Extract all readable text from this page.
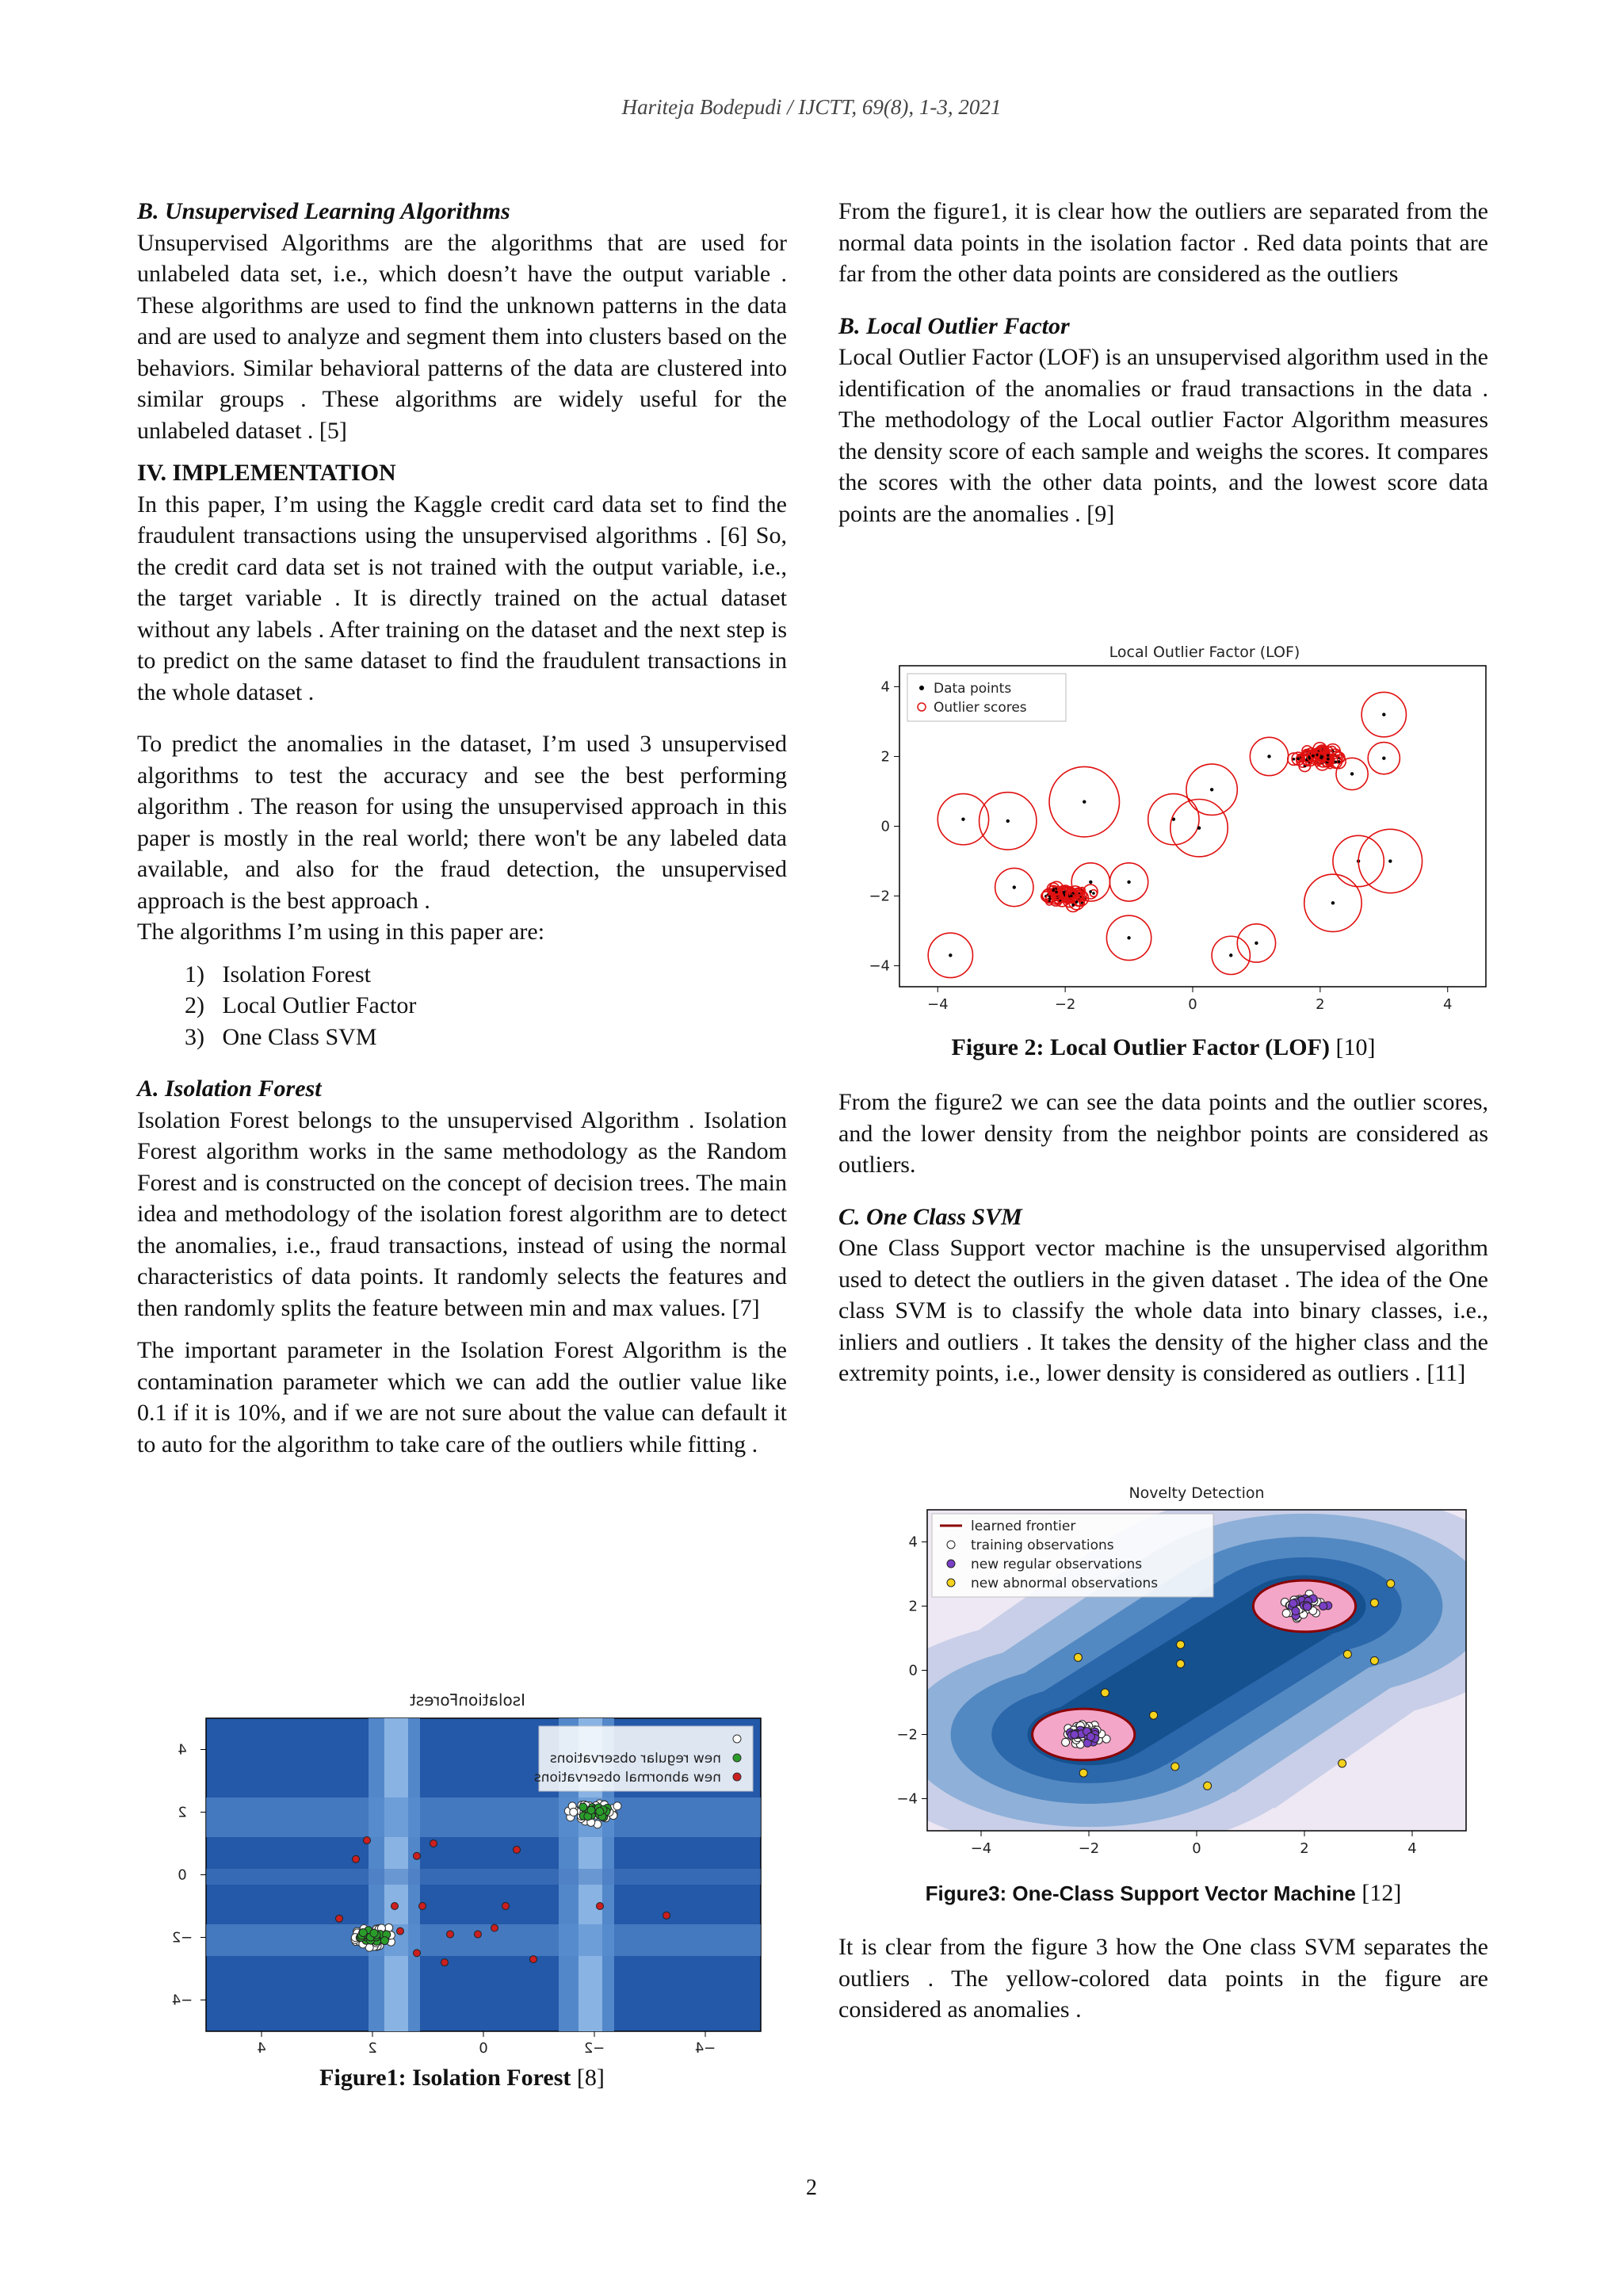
Hariteja Bodepudi / IJCTT, 69(8), 1-3, 2021

B. Unsupervised Learning Algorithms

Unsupervised Algorithms are the algorithms that are used for unlabeled data set, i.e., which doesn’t have the output variable . These algorithms are used to find the unknown patterns in the data and are used to analyze and segment them into clusters based on the behaviors. Similar behavioral patterns of the data are clustered into similar groups . These algorithms are widely useful for the unlabeled dataset . [5]

IV. IMPLEMENTATION

In this paper, I’m using the Kaggle credit card data set to find the fraudulent transactions using the unsupervised algorithms . [6] So, the credit card data set is not trained with the output variable, i.e., the target variable . It is directly trained on the actual dataset without any labels . After training on the dataset and the next step is to predict on the same dataset to find the fraudulent transactions in the whole dataset .

To predict the anomalies in the dataset, I’m used 3 unsupervised algorithms to test the accuracy and see the best performing algorithm . The reason for using the unsupervised approach in this paper is mostly in the real world; there won't be any labeled data available, and also for the fraud detection, the unsupervised approach is the best approach .

The algorithms I’m using in this paper are:

1)   Isolation Forest
2)   Local Outlier Factor
3)   One Class SVM

A. Isolation Forest

Isolation Forest belongs to the unsupervised Algorithm . Isolation Forest algorithm works in the same methodology as the Random Forest and is constructed on the concept of decision trees. The main idea and methodology of the isolation forest algorithm are to detect the anomalies, i.e., fraud transactions, instead of using the normal characteristics of data points. It randomly selects the features and then randomly splits the feature between min and max values. [7]

The important parameter in the Isolation Forest Algorithm is the contamination parameter which we can add the outlier value like 0.1 if it is 10%, and if we are not sure about the value can default it to auto for the algorithm to take care of the outliers while fitting .

IsolationForest
−4
−4
−2
−2
0
0
2
2
4
4
new regular observations
new abnormal observations
Figure1: Isolation Forest [8]

From the figure1, it is clear how the outliers are separated from the normal data points in the isolation factor . Red data points that are far from the other data points are considered as the outliers

B. Local Outlier Factor

Local Outlier Factor (LOF) is an unsupervised algorithm used in the identification of the anomalies or fraud transactions in the data . The methodology of the Local outlier Factor Algorithm measures the density score of each sample and weighs the scores. It compares the scores with the other data points, and the lowest score data points are the anomalies . [9]

Local Outlier Factor (LOF)
−4
−4
−2
−2
0
0
2
2
4
4	Data points
Outlier scores
Figure 2: Local Outlier Factor (LOF) [10]

From the figure2 we can see the data points and the outlier scores, and the lower density from the neighbor points are considered as outliers.

C. One Class SVM

One Class Support vector machine is the unsupervised algorithm used to detect the outliers in the given dataset . The idea of the One class SVM is to classify the whole data into binary classes, i.e., inliers and outliers . It takes the density of the higher class and the extremity points, i.e., lower density is considered as outliers . [11]

Novelty Detection
−4
−4
−2
−2
0
0
2
2
4
4
learned frontier
training observations
new regular observations
new abnormal observations
Figure3: One-Class Support Vector Machine [12]

It is clear from the figure 3 how the One class SVM separates the outliers . The yellow-colored data points in the figure are considered as anomalies .

2
